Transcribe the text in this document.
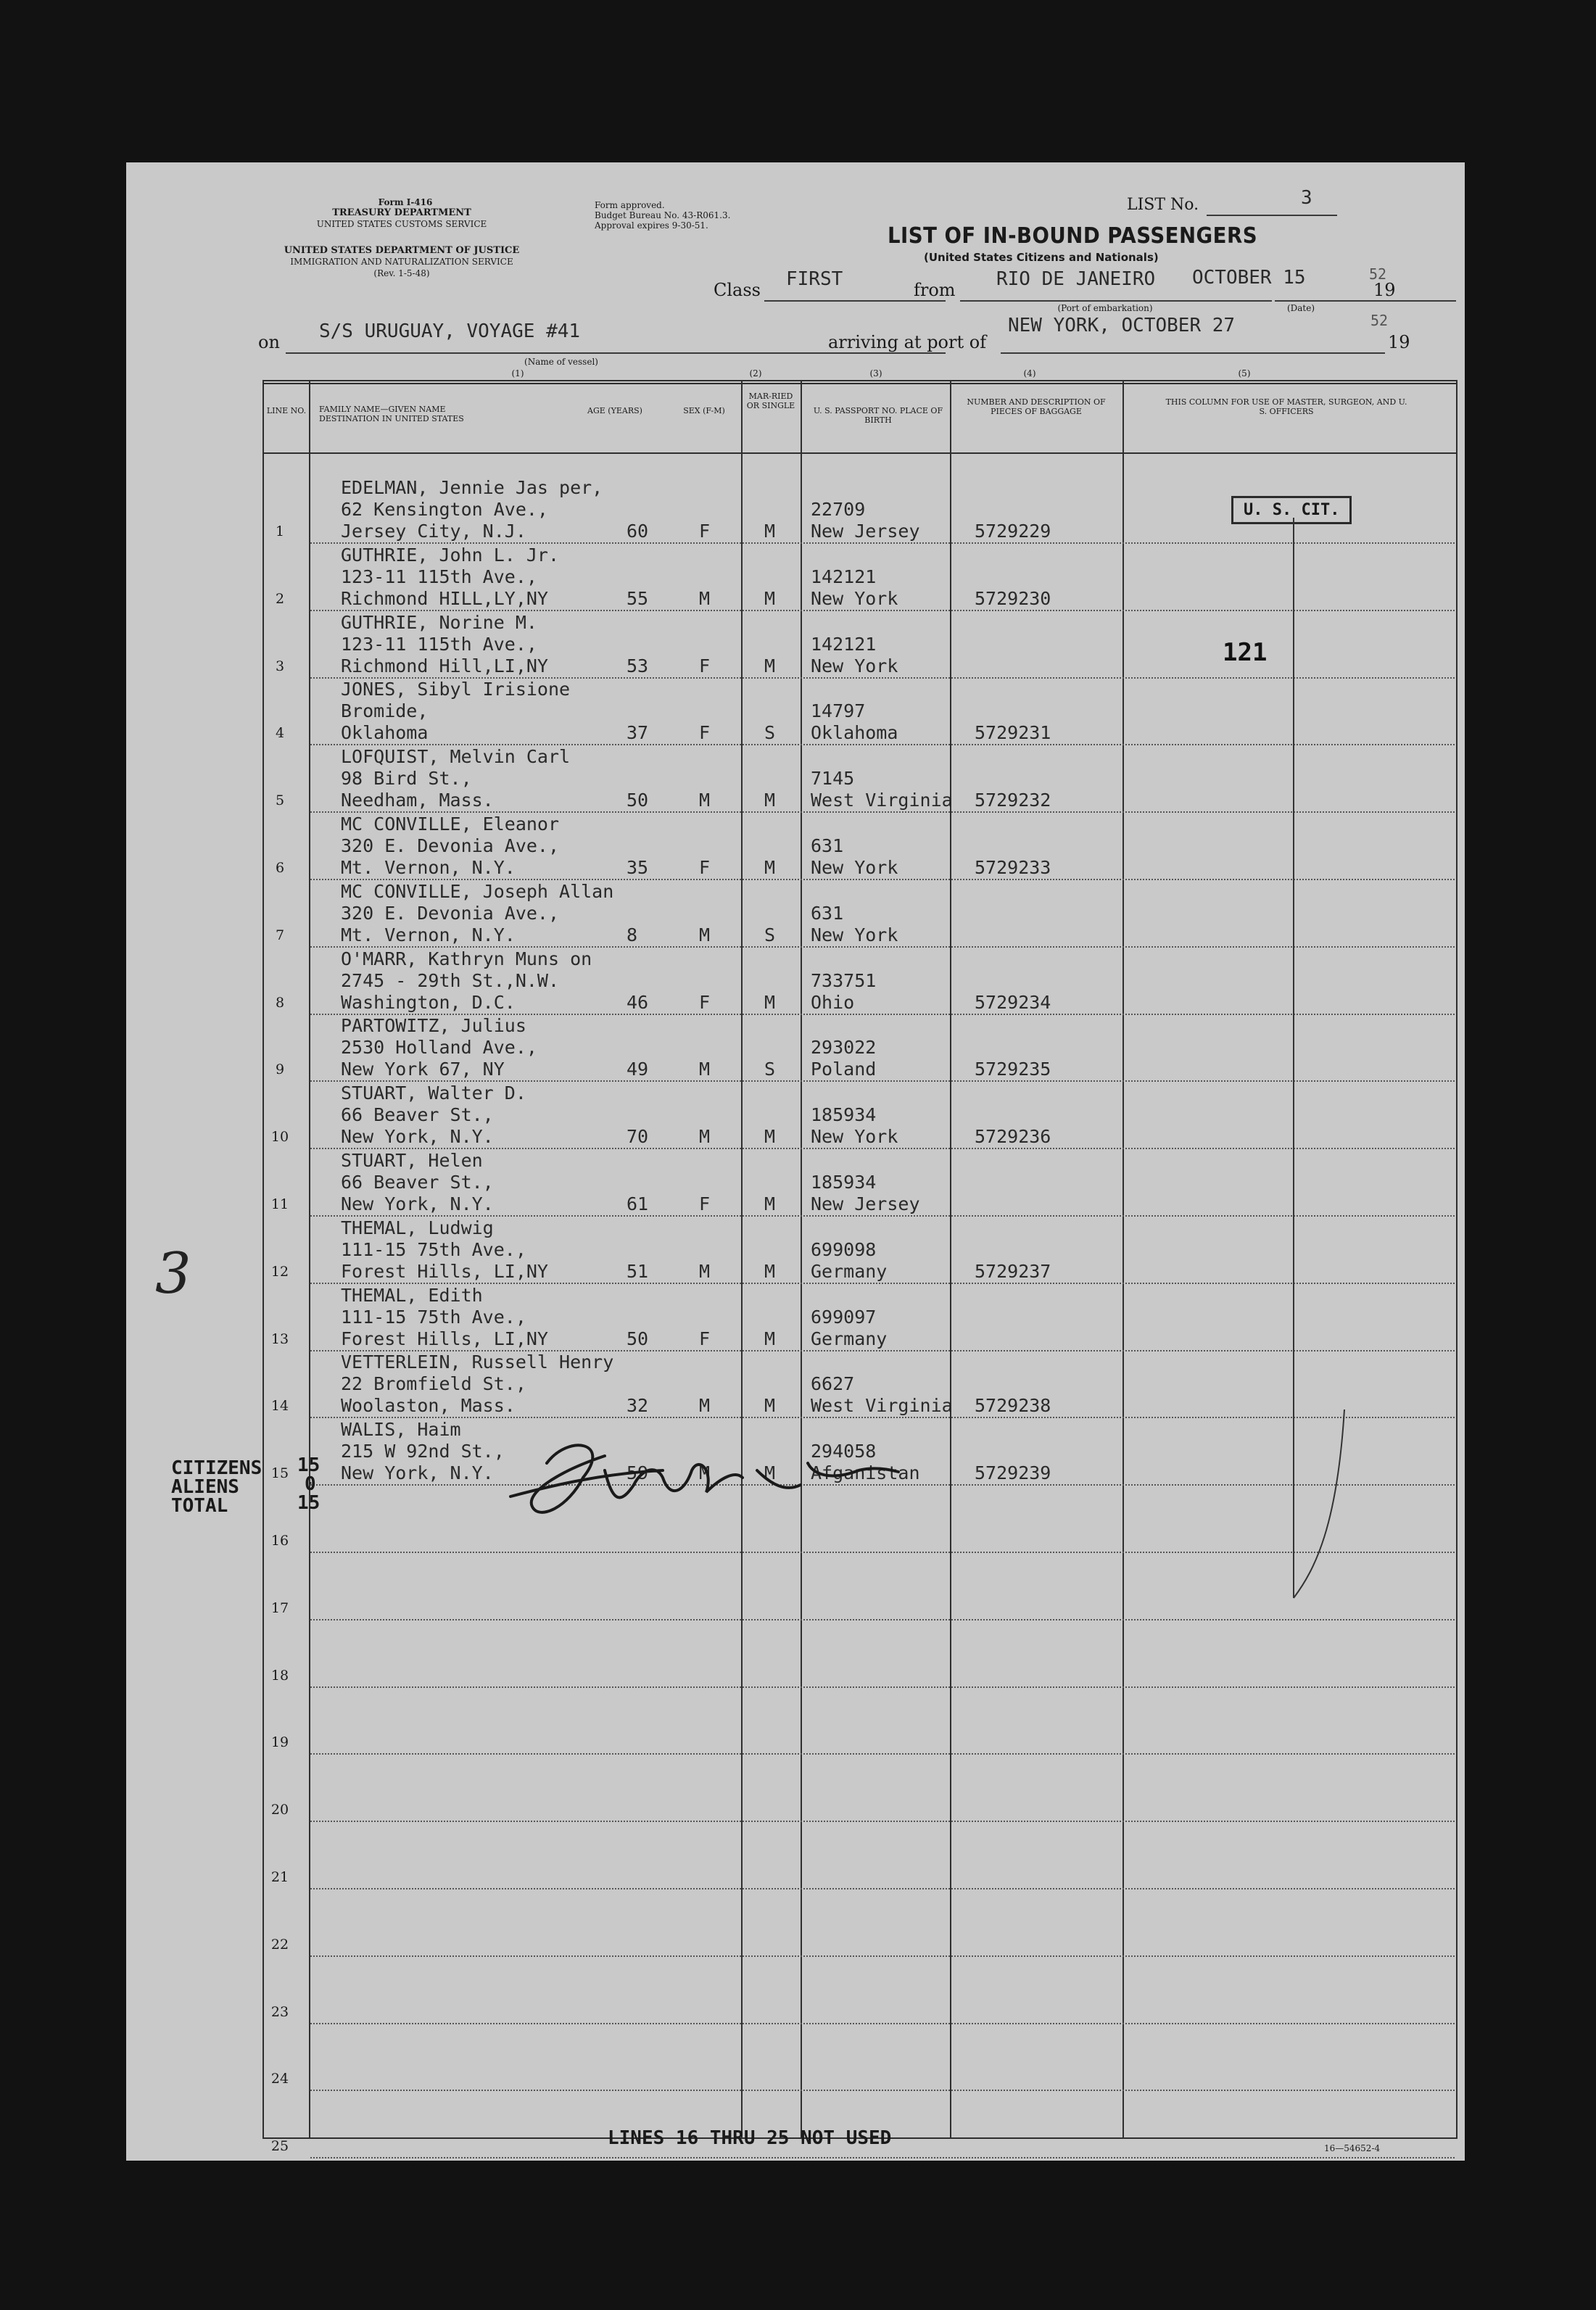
Form I-416
TREASURY DEPARTMENT
UNITED STATES CUSTOMS SERVICE
UNITED STATES DEPARTMENT OF JUSTICE
IMMIGRATION AND NATURALIZATION SERVICE
(Rev. 1-5-48)
Form approved.
Budget Bureau No. 43-R061.3.
Approval expires 9-30-51.
LIST No.	3
LIST OF IN-BOUND PASSENGERS
(United States Citizens and Nationals)
Class FIRST	from RIO DE JANEIRO
(Port of embarkation)
OCTOBER 15
(Date)
19
52
on S/S URUGUAY, VOYAGE #41
(Name of vessel)
arriving at port of
NEW YORK, OCTOBER 27
19
52
(1)	(2)	(3)	(4)	(5)
LINE NO. FAMILY NAME—GIVEN NAME DESTINATION IN UNITED STATES
AGE (YEARS)	SEX (F-M)
MAR-RIED OR SINGLE
U. S. PASSPORT NO. PLACE OF BIRTH
NUMBER AND DESCRIPTION OF PIECES OF BAGGAGE
THIS COLUMN FOR USE OF MASTER, SURGEON, AND U. S. OFFICERS
1
EDELMAN, Jennie Jas per,
62 Kensington Ave.,
Jersey City, N.J.	60	F	M
22709
New Jersey	5729229
2
GUTHRIE, John L. Jr.
123-11 115th Ave.,
Richmond HILL,LY,NY	55	M	M
142121
New York	5729230
3
GUTHRIE, Norine M.
123-11 115th Ave.,
Richmond Hill,LI,NY	53	F	M
142121
New York
4
JONES, Sibyl Irisione
Bromide,
Oklahoma	37	F	S
14797
Oklahoma	5729231
5
LOFQUIST, Melvin Carl
98 Bird St.,
Needham, Mass.	50	M	M
7145
West Virginia 5729232
6
MC CONVILLE, Eleanor
320 E. Devonia Ave.,
Mt. Vernon, N.Y.	35	F	M
631
New York	5729233
7
MC CONVILLE, Joseph Allan
320 E. Devonia Ave.,
Mt. Vernon, N.Y.	8	M	S
631
New York
8
O'MARR, Kathryn Muns on
2745 - 29th St.,N.W.
Washington, D.C.	46	F	M
733751
Ohio	5729234
9
PARTOWITZ, Julius
2530 Holland Ave.,
New York 67, NY	49	M	S
293022
Poland	5729235
10
STUART, Walter D.
66 Beaver St.,
New York, N.Y.	70	M	M
185934
New York	5729236
11
STUART, Helen
66 Beaver St.,
New York, N.Y.	61	F	M
185934
New Jersey
12
THEMAL, Ludwig
111-15 75th Ave.,
Forest Hills, LI,NY	51	M	M
699098
Germany	5729237
13
THEMAL, Edith
111-15 75th Ave.,
Forest Hills, LI,NY	50	F	M
699097
Germany
14
VETTERLEIN, Russell Henry
22 Bromfield St.,
Woolaston, Mass.	32	M	M
6627
West Virginia 5729238
15
WALIS, Haim
215 W 92nd St.,
New York, N.Y.	59	M	M
294058
Afganistan	5729239
16
17
18
19
20
21
22
23
24
25
U. S. CIT.
121
CITIZENS 15
ALIENS	0
TOTAL	15
3
LINES 16 THRU 25 NOT USED	16—54652-4
